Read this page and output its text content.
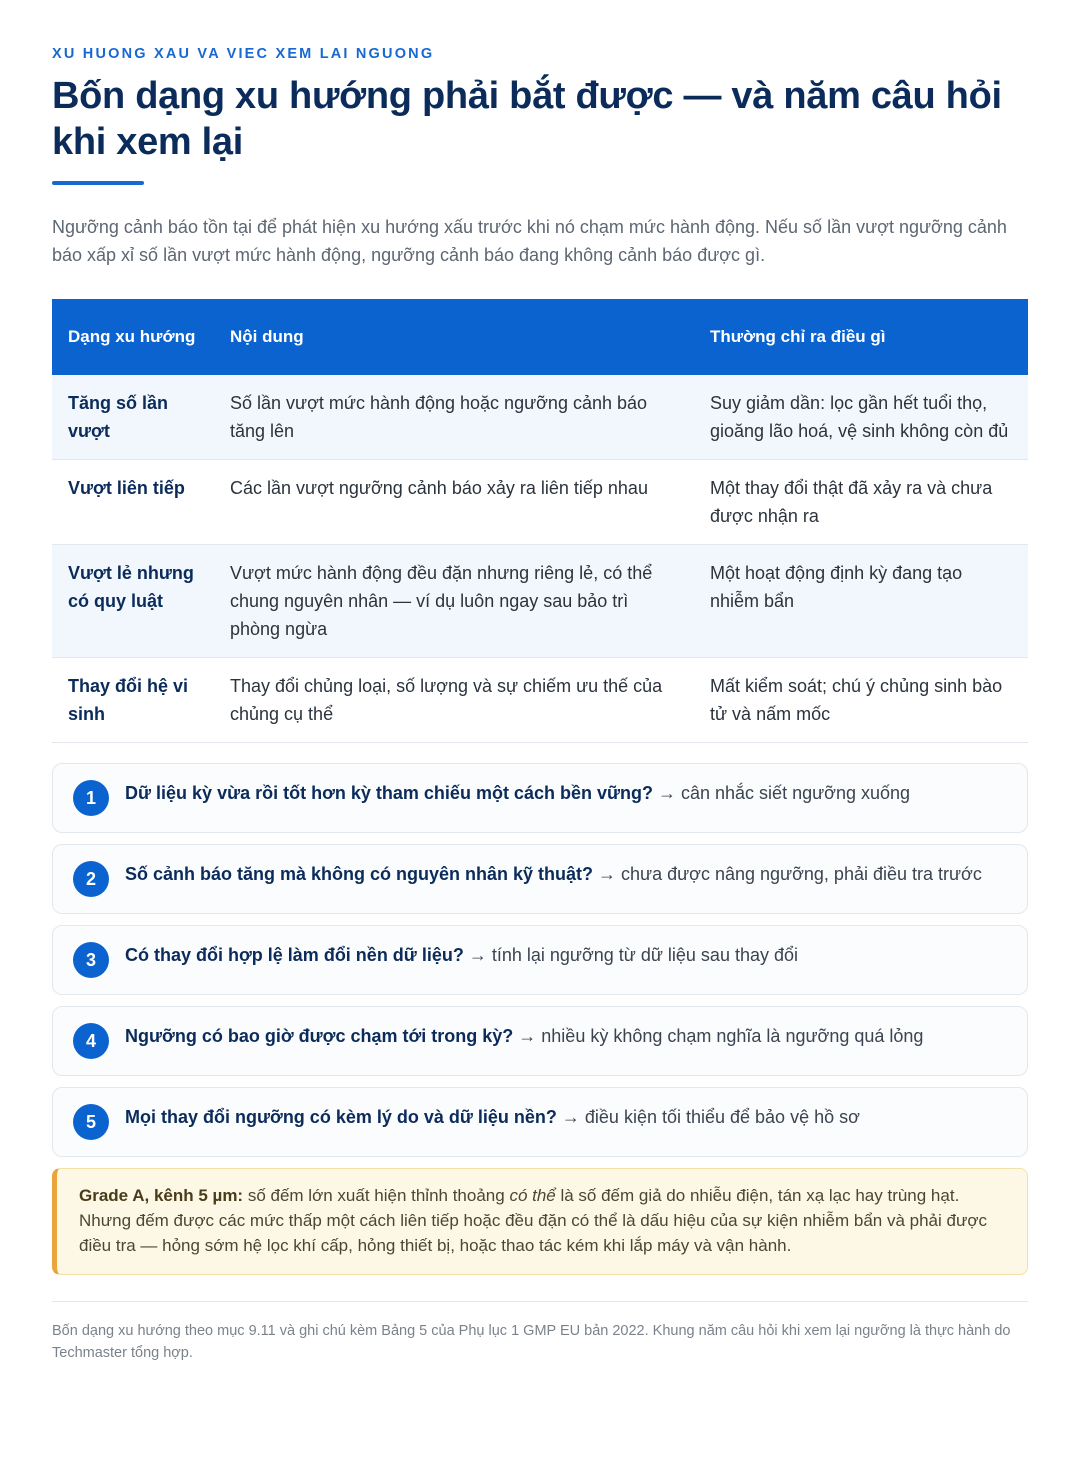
XU HUONG XAU VA VIEC XEM LAI NGUONG
Bốn dạng xu hướng phải bắt được — và năm câu hỏi khi xem lại

Ngưỡng cảnh báo tồn tại để phát hiện xu hướng xấu trước khi nó chạm mức hành động. Nếu số lần vượt ngưỡng cảnh báo xấp xỉ số lần vượt mức hành động, ngưỡng cảnh báo đang không cảnh báo được gì.

Dạng xu hướng	Nội dung	Thường chỉ ra điều gì
Tăng số lần vượt	Số lần vượt mức hành động hoặc ngưỡng cảnh báo tăng lên	Suy giảm dần: lọc gần hết tuổi thọ, gioăng lão hoá, vệ sinh không còn đủ
Vượt liên tiếp	Các lần vượt ngưỡng cảnh báo xảy ra liên tiếp nhau	Một thay đổi thật đã xảy ra và chưa được nhận ra
Vượt lẻ nhưng có quy luật	Vượt mức hành động đều đặn nhưng riêng lẻ, có thể chung nguyên nhân — ví dụ luôn ngay sau bảo trì phòng ngừa	Một hoạt động định kỳ đang tạo nhiễm bẩn
Thay đổi hệ vi sinh	Thay đổi chủng loại, số lượng và sự chiếm ưu thế của chủng cụ thể	Mất kiểm soát; chú ý chủng sinh bào tử và nấm mốc
1	Dữ liệu kỳ vừa rồi tốt hơn kỳ tham chiếu một cách bền vững? → cân nhắc siết ngưỡng xuống
2	Số cảnh báo tăng mà không có nguyên nhân kỹ thuật? → chưa được nâng ngưỡng, phải điều tra trước
3	Có thay đổi hợp lệ làm đổi nền dữ liệu? → tính lại ngưỡng từ dữ liệu sau thay đổi
4	Ngưỡng có bao giờ được chạm tới trong kỳ? → nhiều kỳ không chạm nghĩa là ngưỡng quá lỏng
5	Mọi thay đổi ngưỡng có kèm lý do và dữ liệu nền? → điều kiện tối thiểu để bảo vệ hồ sơ
Grade A, kênh 5 µm: số đếm lớn xuất hiện thỉnh thoảng có thể là số đếm giả do nhiễu điện, tán xạ lạc hay trùng hạt. Nhưng đếm được các mức thấp một cách liên tiếp hoặc đều đặn có thể là dấu hiệu của sự kiện nhiễm bẩn và phải được điều tra — hỏng sớm hệ lọc khí cấp, hỏng thiết bị, hoặc thao tác kém khi lắp máy và vận hành.
Bốn dạng xu hướng theo mục 9.11 và ghi chú kèm Bảng 5 của Phụ lục 1 GMP EU bản 2022. Khung năm câu hỏi khi xem lại ngưỡng là thực hành do Techmaster tổng hợp.
